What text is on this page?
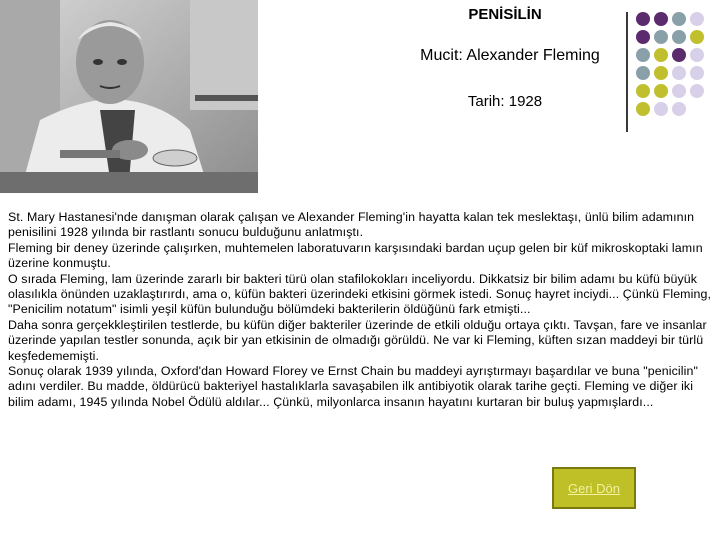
PENİSİLİN
Mucit: Alexander Fleming
Tarih: 1928

St. Mary Hastanesi'nde danışman olarak çalışan ve Alexander Fleming'in hayatta kalan tek meslektaşı, ünlü bilim adamının penisilini 1928 yılında bir rastlantı sonucu bulduğunu anlatmıştı.

Fleming bir deney üzerinde çalışırken, muhtemelen laboratuvarın karşısındaki bardan uçup gelen bir küf mikroskoptaki lamın üzerine konmuştu.

O sırada Fleming, lam üzerinde zararlı bir bakteri türü olan stafilokokları inceliyordu. Dikkatsiz bir bilim adamı bu küfü büyük olasılıkla önünden uzaklaştırırdı, ama o, küfün bakteri üzerindeki etkisini görmek istedi. Sonuç hayret inciydi... Çünkü Fleming, "Penicilim notatum" isimli yeşil küfün bulunduğu bölümdeki bakterilerin öldüğünü fark etmişti...

Daha sonra gerçekkleştirilen testlerde, bu küfün diğer bakteriler üzerinde de etkili olduğu ortaya çıktı. Tavşan, fare ve insanlar üzerinde yapılan testler sonunda, açık bir yan etkisinin de olmadığı görüldü. Ne var ki Fleming, küften sızan maddeyi bir türlü keşfedememişti.

Sonuç olarak 1939 yılında, Oxford'dan Howard Florey ve Ernst Chain bu maddeyi ayrıştırmayı başardılar ve buna "penicilin" adını verdiler. Bu madde, öldürücü bakteriyel hastalıklarla savaşabilen ilk antibiyotik olarak tarihe geçti. Fleming ve diğer iki bilim adamı, 1945 yılında Nobel Ödülü aldılar... Çünkü, milyonlarca insanın hayatını kurtaran bir buluş yapmışlardı...

Geri Dön
